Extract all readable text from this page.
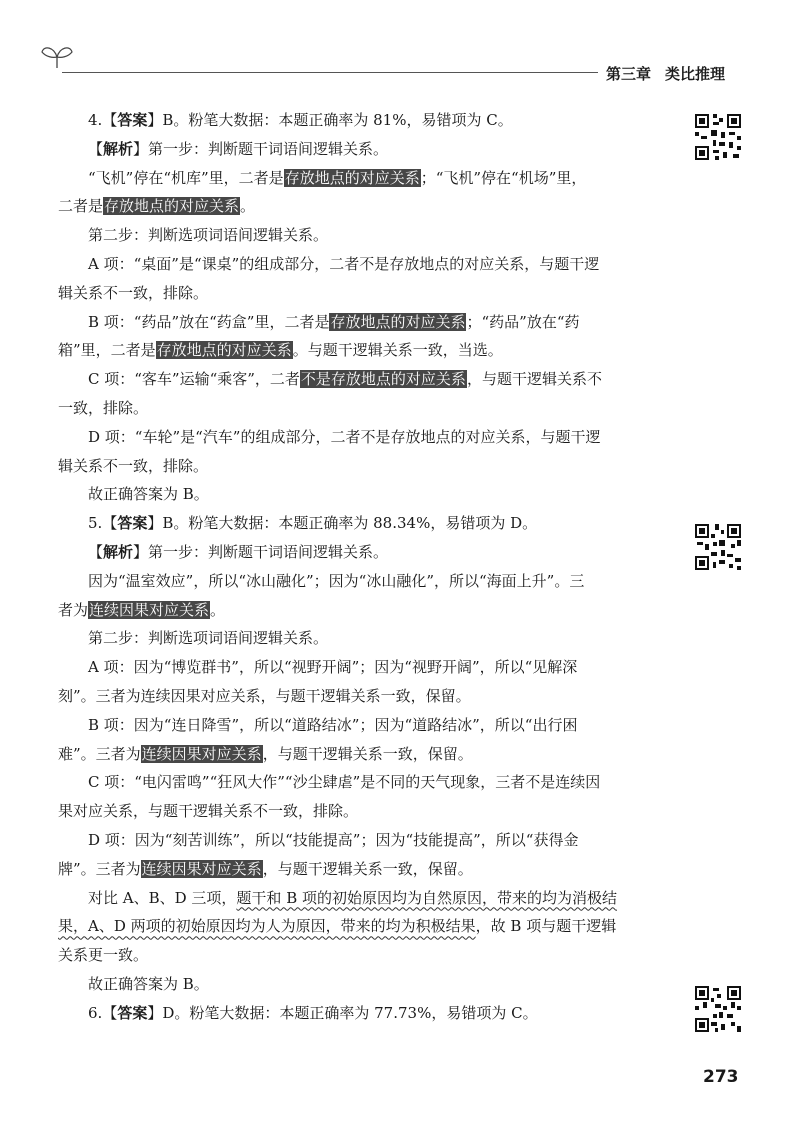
第三章 类比推理
4.【答案】B。粉笔大数据：本题正确率为 81%，易错项为 C。
【解析】第一步：判断题干词语间逻辑关系。
“飞机”停在“机库”里，二者是存放地点的对应关系；“飞机”停在“机场”里，
二者是存放地点的对应关系。
第二步：判断选项词语间逻辑关系。
A 项：“桌面”是“课桌”的组成部分，二者不是存放地点的对应关系，与题干逻
辑关系不一致，排除。
B 项：“药品”放在“药盒”里，二者是存放地点的对应关系；“药品”放在“药
箱”里，二者是存放地点的对应关系。与题干逻辑关系一致，当选。
C 项：“客车”运输“乘客”，二者不是存放地点的对应关系，与题干逻辑关系不
一致，排除。
D 项：“车轮”是“汽车”的组成部分，二者不是存放地点的对应关系，与题干逻
辑关系不一致，排除。
故正确答案为 B。
5.【答案】B。粉笔大数据：本题正确率为 88.34%，易错项为 D。
【解析】第一步：判断题干词语间逻辑关系。
因为“温室效应”，所以“冰山融化”；因为“冰山融化”，所以“海面上升”。三
者为连续因果对应关系。
第二步：判断选项词语间逻辑关系。
A 项：因为“博览群书”，所以“视野开阔”；因为“视野开阔”，所以“见解深
刻”。三者为连续因果对应关系，与题干逻辑关系一致，保留。
B 项：因为“连日降雪”，所以“道路结冰”；因为“道路结冰”，所以“出行困
难”。三者为连续因果对应关系，与题干逻辑关系一致，保留。
C 项：“电闪雷鸣”“狂风大作”“沙尘肆虐”是不同的天气现象，三者不是连续因
果对应关系，与题干逻辑关系不一致，排除。
D 项：因为“刻苦训练”，所以“技能提高”；因为“技能提高”，所以“获得金
牌”。三者为连续因果对应关系，与题干逻辑关系一致，保留。
对比 A、B、D 三项，题干和 B 项的初始原因均为自然原因，带来的均为消极结
果，A、D 两项的初始原因均为人为原因，带来的均为积极结果，故 B 项与题干逻辑
关系更一致。
故正确答案为 B。
6.【答案】D。粉笔大数据：本题正确率为 77.73%，易错项为 C。
273
